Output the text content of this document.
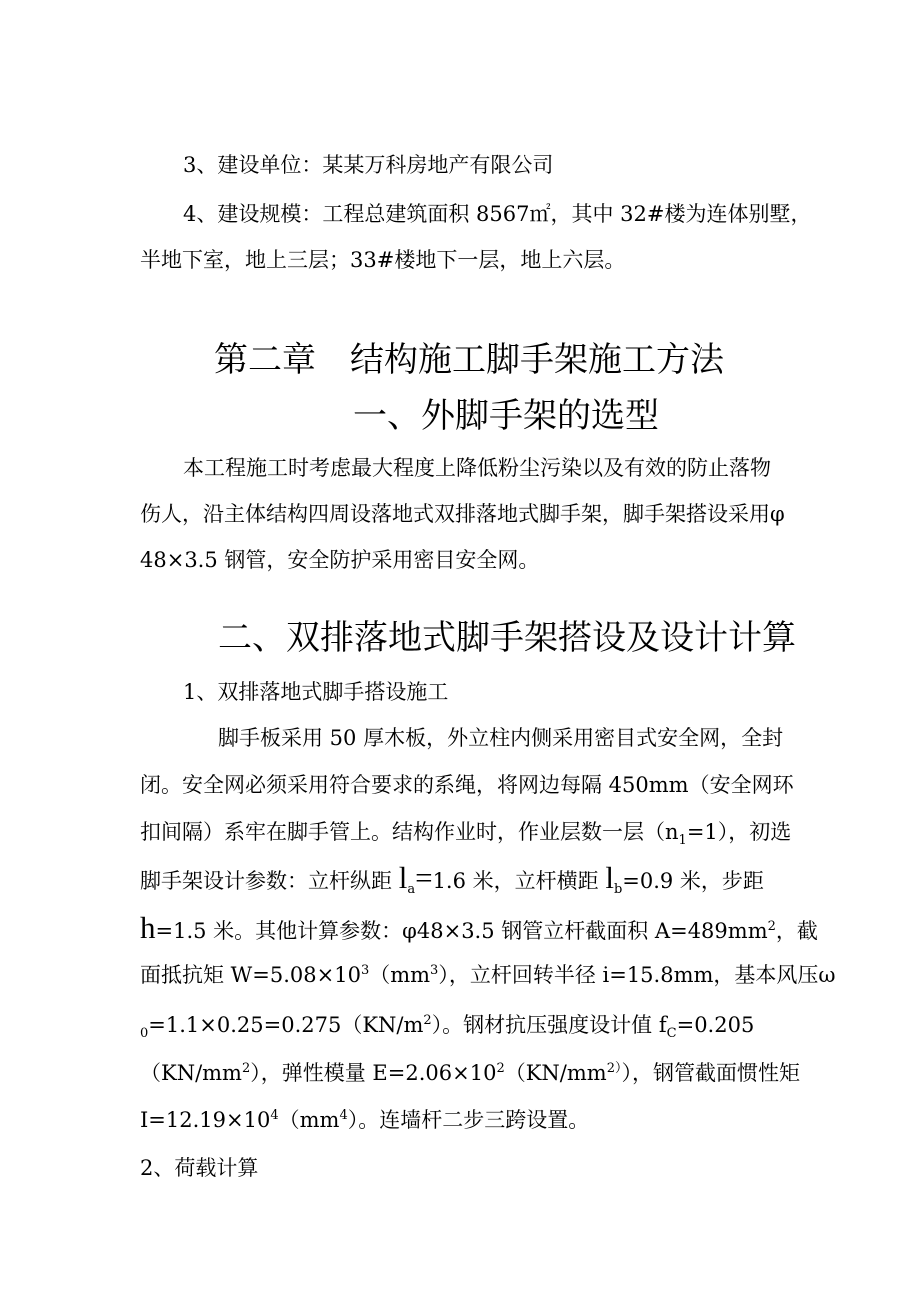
3、建设单位：某某万科房地产有限公司
4、建设规模：工程总建筑面积 8567㎡，其中 32#楼为连体别墅，
半地下室，地上三层；33#楼地下一层，地上六层。
第二章　结构施工脚手架施工方法
一、外脚手架的选型
本工程施工时考虑最大程度上降低粉尘污染以及有效的防止落物
伤人，沿主体结构四周设落地式双排落地式脚手架，脚手架搭设采用φ
48×3.5 钢管，安全防护采用密目安全网。
二、双排落地式脚手架搭设及设计计算
1、双排落地式脚手搭设施工
脚手板采用 50 厚木板，外立柱内侧采用密目式安全网，全封
闭。安全网必须采用符合要求的系绳，将网边每隔 450mm（安全网环
扣间隔）系牢在脚手管上。结构作业时，作业层数一层$(n_1=1)$，初选
脚手架设计参数：立杆纵距 $l_a=1.6$ 米，立杆横距 $l_b=0.9$ 米，步距
h=1.5 米。其他计算参数：φ48×3.5 钢管立杆截面积 $A=489mm^2$，截
面抵抗矩 $W=5.08\times 10^3(mm^3)$，立杆回转半径 i=15.8mm，基本风压ω
$_0=1.1\times 0.25=0.275(KN/m^2)$。钢材抗压强度设计值 $f_C=0.205$
$(KN/mm^2)$，弹性模量 $E=2.06\times 10^2(KN/mm^{2)})$，钢管截面惯性矩
$I=12.19\times 10^4(mm^4)$。连墙杆二步三跨设置。
2、荷载计算
